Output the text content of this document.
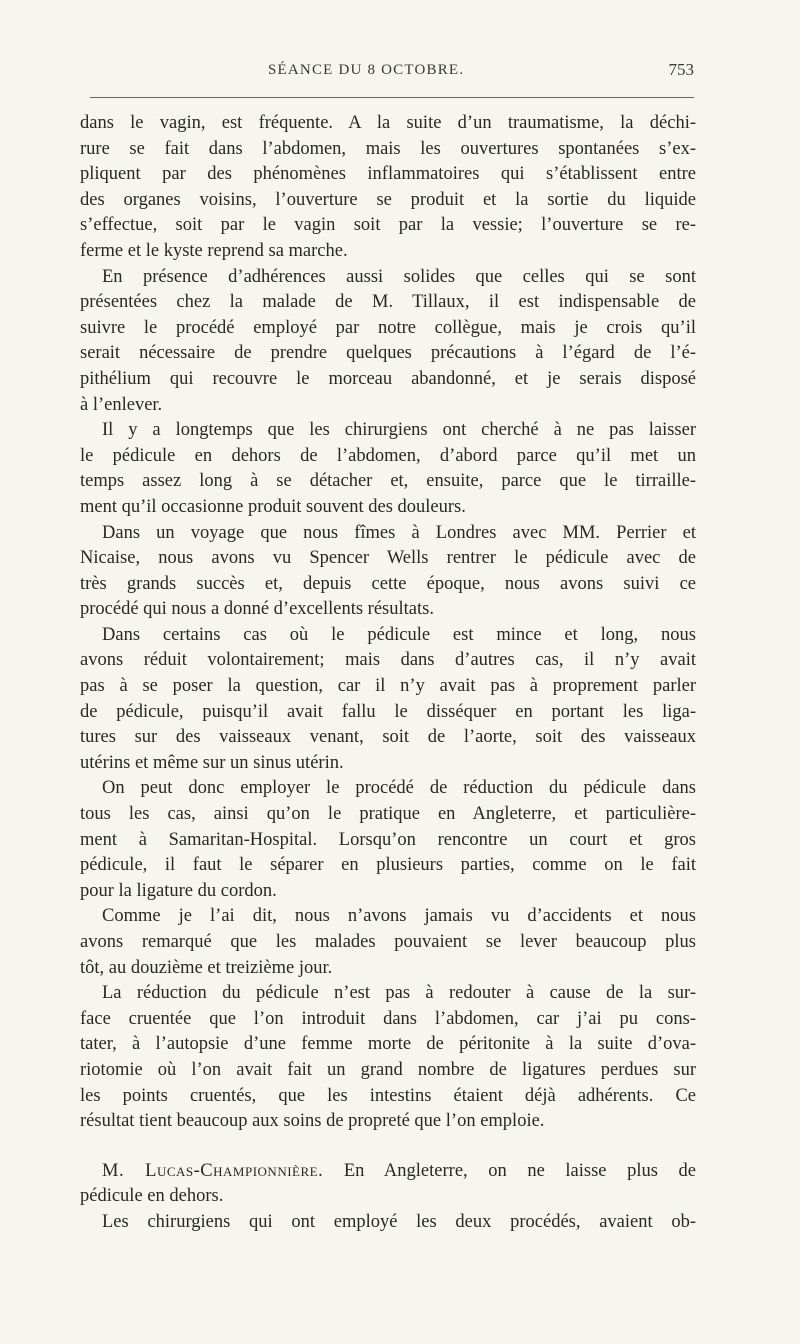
SÉANCE DU 8 OCTOBRE.	753
dans le vagin, est fréquente. A la suite d’un traumatisme, la déchi-
rure se fait dans l’abdomen, mais les ouvertures spontanées s’ex-
pliquent par des phénomènes inflammatoires qui s’établissent entre
des organes voisins, l’ouverture se produit et la sortie du liquide
s’effectue, soit par le vagin soit par la vessie; l’ouverture se re-
ferme et le kyste reprend sa marche.
En présence d’adhérences aussi solides que celles qui se sont
présentées chez la malade de M. Tillaux, il est indispensable de
suivre le procédé employé par notre collègue, mais je crois qu’il
serait nécessaire de prendre quelques précautions à l’égard de l’é-
pithélium qui recouvre le morceau abandonné, et je serais disposé
à l’enlever.
Il y a longtemps que les chirurgiens ont cherché à ne pas laisser
le pédicule en dehors de l’abdomen, d’abord parce qu’il met un
temps assez long à se détacher et, ensuite, parce que le tirraille-
ment qu’il occasionne produit souvent des douleurs.
Dans un voyage que nous fîmes à Londres avec MM. Perrier et
Nicaise, nous avons vu Spencer Wells rentrer le pédicule avec de
très grands succès et, depuis cette époque, nous avons suivi ce
procédé qui nous a donné d’excellents résultats.
Dans certains cas où le pédicule est mince et long, nous
avons réduit volontairement; mais dans d’autres cas, il n’y avait
pas à se poser la question, car il n’y avait pas à proprement parler
de pédicule, puisqu’il avait fallu le disséquer en portant les liga-
tures sur des vaisseaux venant, soit de l’aorte, soit des vaisseaux
utérins et même sur un sinus utérin.
On peut donc employer le procédé de réduction du pédicule dans
tous les cas, ainsi qu’on le pratique en Angleterre, et particulière-
ment à Samaritan-Hospital. Lorsqu’on rencontre un court et gros
pédicule, il faut le séparer en plusieurs parties, comme on le fait
pour la ligature du cordon.
Comme je l’ai dit, nous n’avons jamais vu d’accidents et nous
avons remarqué que les malades pouvaient se lever beaucoup plus
tôt, au douzième et treizième jour.
La réduction du pédicule n’est pas à redouter à cause de la sur-
face cruentée que l’on introduit dans l’abdomen, car j’ai pu cons-
tater, à l’autopsie d’une femme morte de péritonite à la suite d’ova-
riotomie où l’on avait fait un grand nombre de ligatures perdues sur
les points cruentés, que les intestins étaient déjà adhérents. Ce
résultat tient beaucoup aux soins de propreté que l’on emploie.
M. Lucas-Championnière. En Angleterre, on ne laisse plus de
pédicule en dehors.
Les chirurgiens qui ont employé les deux procédés, avaient ob-
